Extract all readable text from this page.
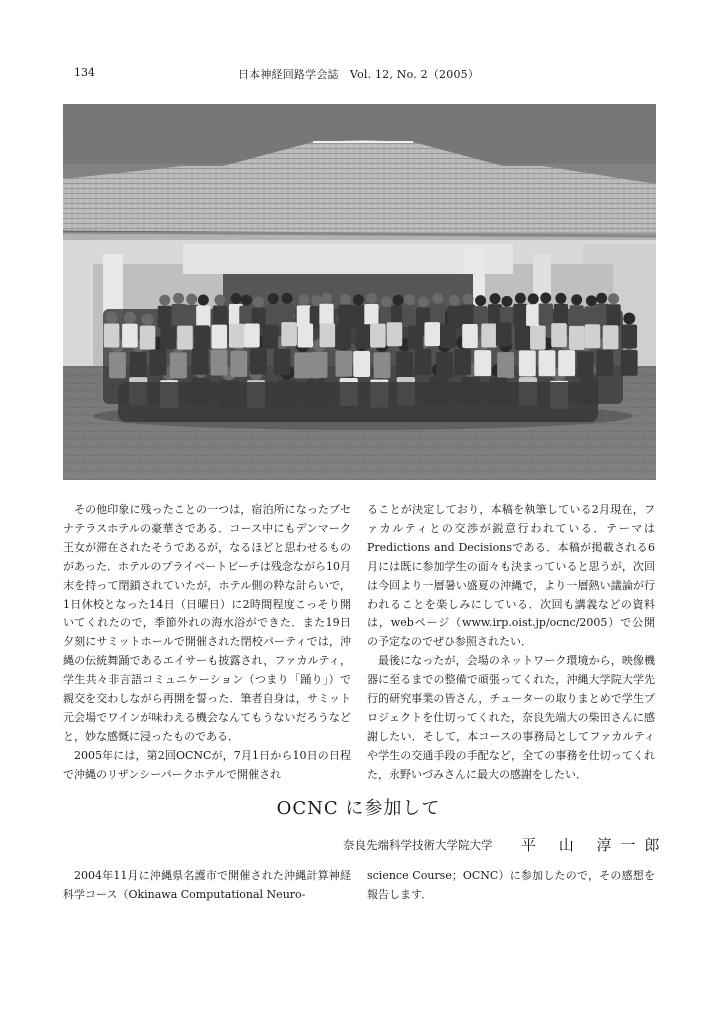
134	日本神経回路学会誌　Vol. 12, No. 2（2005）

その他印象に残ったことの一つは，宿泊所になったブセナテラスホテルの豪華さである．コース中にもデンマーク王女が滞在されたそうであるが，なるほどと思わせるものがあった．ホテルのプライベートビーチは残念ながら10月末を持って閉鎖されていたが，ホテル側の粋な計らいで，1日休校となった14日（日曜日）に2時間程度こっそり開いてくれたので，季節外れの海水浴ができた．また19日夕刻にサミットホールで開催された閉校パーティでは，沖縄の伝統舞踊であるエイサーも披露され，ファカルティ，学生共々非言語コミュニケーション（つまり「踊り」）で親交を交わしながら再開を誓った．筆者自身は，サミット元会場でワインが味わえる機会なんてもうないだろうなどと，妙な感慨に浸ったものである．

2005年には，第2回OCNCが，7月1日から10日の日程で沖縄のリザンシーパークホテルで開催され

ることが決定しており，本稿を執筆している2月現在，ファカルティとの交渉が鋭意行われている．テーマはPredictions and Decisionsである．本稿が掲載される6月には既に参加学生の面々も決まっていると思うが，次回は今回より一層暑い盛夏の沖縄で，より一層熱い議論が行われることを楽しみにしている．次回も講義などの資料は，webページ（www.irp.oist.jp/ocnc/2005）で公開の予定なのでぜひ参照されたい．

最後になったが，会場のネットワーク環境から，映像機器に至るまでの整備で頑張ってくれた，沖縄大学院大学先行的研究事業の皆さん，チューターの取りまとめで学生プロジェクトを仕切ってくれた，奈良先端大の柴田さんに感謝したい．そして，本コースの事務局としてファカルティや学生の交通手段の手配など，全ての事務を仕切ってくれた，永野いづみさんに最大の感謝をしたい．

OCNC に参加して
奈良先端科学技術大学院大学 平 山 淳一郎

2004年11月に沖縄県名護市で開催された沖縄計算神経科学コース（Okinawa Computational Neuro-

science Course；OCNC）に参加したので，その感想を報告します．
